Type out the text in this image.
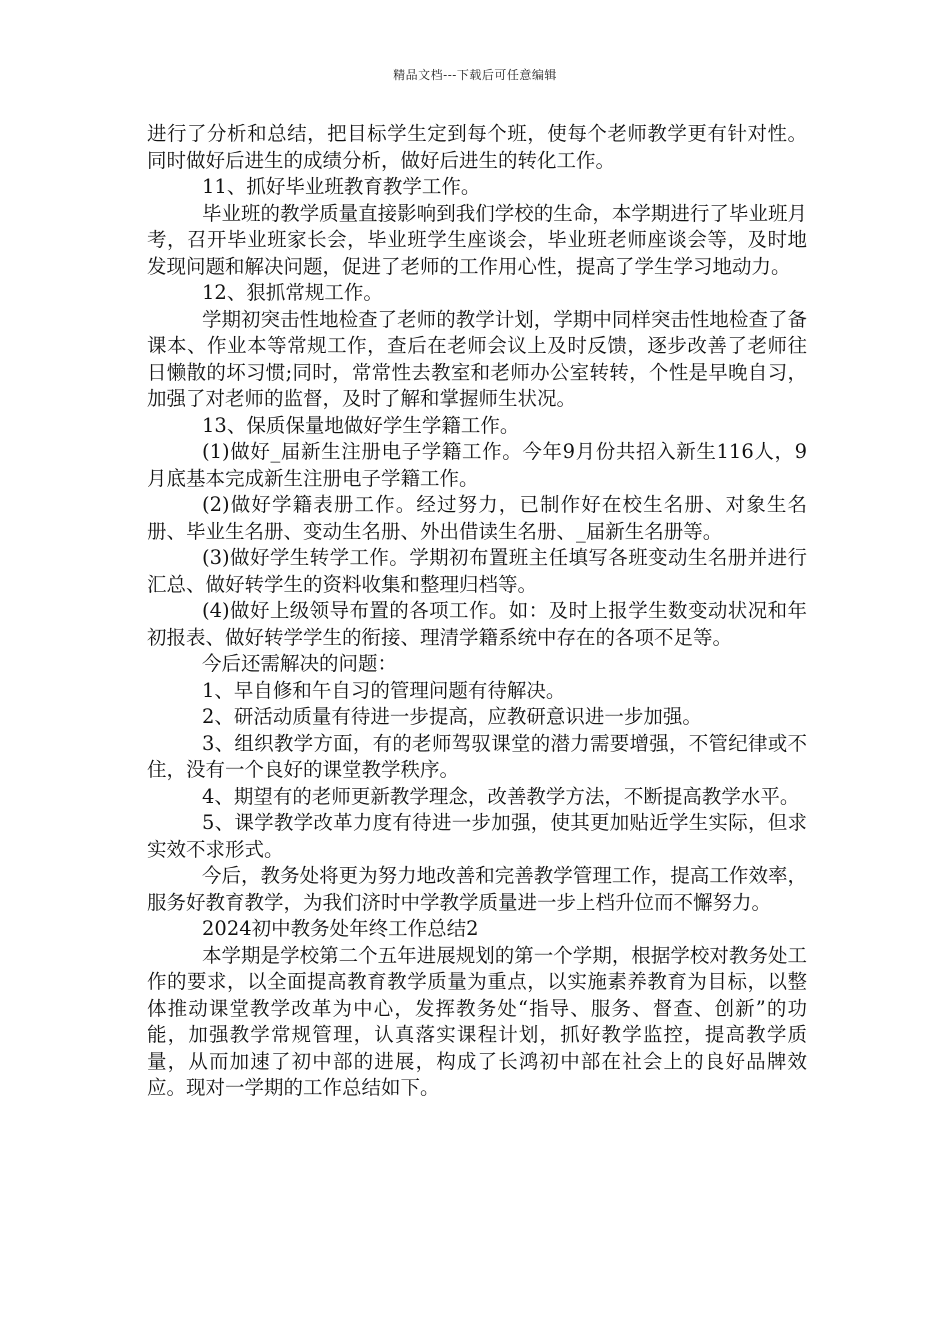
精品文档---下载后可任意编辑

进行了分析和总结，把目标学生定到每个班，使每个老师教学更有针对性。同时做好后进生的成绩分析，做好后进生的转化工作。

11、抓好毕业班教育教学工作。

毕业班的教学质量直接影响到我们学校的生命，本学期进行了毕业班月考，召开毕业班家长会，毕业班学生座谈会，毕业班老师座谈会等，及时地发现问题和解决问题，促进了老师的工作用心性，提高了学生学习地动力。

12、狠抓常规工作。

学期初突击性地检查了老师的教学计划，学期中同样突击性地检查了备课本、作业本等常规工作，查后在老师会议上及时反馈，逐步改善了老师往日懒散的坏习惯;同时，常常性去教室和老师办公室转转，个性是早晚自习，加强了对老师的监督，及时了解和掌握师生状况。

13、保质保量地做好学生学籍工作。

(1)做好_届新生注册电子学籍工作。今年9月份共招入新生116人，9月底基本完成新生注册电子学籍工作。

(2)做好学籍表册工作。经过努力，已制作好在校生名册、对象生名册、毕业生名册、变动生名册、外出借读生名册、_届新生名册等。

(3)做好学生转学工作。学期初布置班主任填写各班变动生名册并进行汇总、做好转学生的资料收集和整理归档等。

(4)做好上级领导布置的各项工作。如：及时上报学生数变动状况和年初报表、做好转学学生的衔接、理清学籍系统中存在的各项不足等。

今后还需解决的问题：

1、早自修和午自习的管理问题有待解决。

2、研活动质量有待进一步提高，应教研意识进一步加强。

3、组织教学方面，有的老师驾驭课堂的潜力需要增强，不管纪律或不住，没有一个良好的课堂教学秩序。

4、期望有的老师更新教学理念，改善教学方法，不断提高教学水平。

5、课学教学改革力度有待进一步加强，使其更加贴近学生实际，但求实效不求形式。

今后，教务处将更为努力地改善和完善教学管理工作，提高工作效率，服务好教育教学，为我们济时中学教学质量进一步上档升位而不懈努力。

2024初中教务处年终工作总结2

本学期是学校第二个五年进展规划的第一个学期，根据学校对教务处工作的要求，以全面提高教育教学质量为重点，以实施素养教育为目标，以整体推动课堂教学改革为中心，发挥教务处“指导、服务、督查、创新”的功能，加强教学常规管理，认真落实课程计划，抓好教学监控，提高教学质量，从而加速了初中部的进展，构成了长鸿初中部在社会上的良好品牌效应。现对一学期的工作总结如下。
